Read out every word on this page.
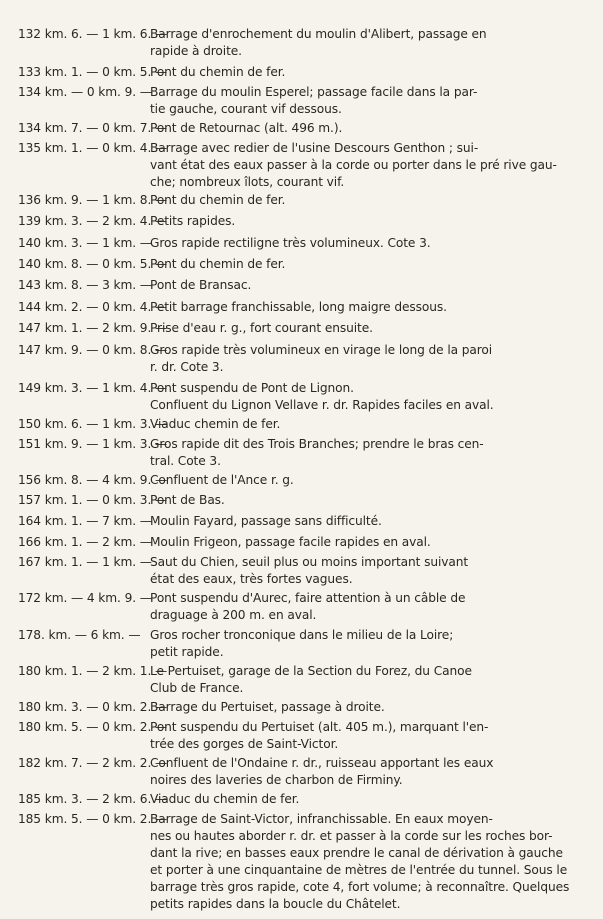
132 km. 6. — 1 km. 6. —
Barrage d'enrochement du moulin d'Alibert, passage en
rapide à droite.
133 km. 1. — 0 km. 5. —
Pont du chemin de fer.
134 km. — 0 km. 9. —
Barrage du moulin Esperel; passage facile dans la par-
tie gauche, courant vif dessous.
134 km. 7. — 0 km. 7. —
Pont de Retournac (alt. 496 m.).
135 km. 1. — 0 km. 4. —
Barrage avec redier de l'usine Descours Genthon ; sui-
vant état des eaux passer à la corde ou porter dans le pré rive gau-
che; nombreux îlots, courant vif.
136 km. 9. — 1 km. 8. —
Pont du chemin de fer.
139 km. 3. — 2 km. 4. —
Petits rapides.
140 km. 3. — 1 km. —
Gros rapide rectiligne très volumineux. Cote 3.
140 km. 8. — 0 km. 5. —
Pont du chemin de fer.
143 km. 8. — 3 km. —
Pont de Bransac.
144 km. 2. — 0 km. 4. —
Petit barrage franchissable, long maigre dessous.
147 km. 1. — 2 km. 9. —
Prise d'eau r. g., fort courant ensuite.
147 km. 9. — 0 km. 8. —
Gros rapide très volumineux en virage le long de la paroi
r. dr. Cote 3.
149 km. 3. — 1 km. 4. —
Pont suspendu de Pont de Lignon.
Confluent du Lignon Vellave r. dr. Rapides faciles en aval.
150 km. 6. — 1 km. 3. —
Viaduc chemin de fer.
151 km. 9. — 1 km. 3. —
Gros rapide dit des Trois Branches; prendre le bras cen-
tral. Cote 3.
156 km. 8. — 4 km. 9. —
Confluent de l'Ance r. g.
157 km. 1. — 0 km. 3. —
Pont de Bas.
164 km. 1. — 7 km. —
Moulin Fayard, passage sans difficulté.
166 km. 1. — 2 km. —
Moulin Frigeon, passage facile rapides en aval.
167 km. 1. — 1 km. —
Saut du Chien, seuil plus ou moins important suivant
état des eaux, très fortes vagues.
172 km. — 4 km. 9. —
Pont suspendu d'Aurec, faire attention à un câble de
draguage à 200 m. en aval.
178. km. — 6 km. — Gros rocher tronconique dans le milieu de la Loire;
petit rapide.
180 km. 1. — 2 km. 1. —
Le Pertuiset, garage de la Section du Forez, du Canoe
Club de France.
180 km. 3. — 0 km. 2. —
Barrage du Pertuiset, passage à droite.
180 km. 5. — 0 km. 2. —
Pont suspendu du Pertuiset (alt. 405 m.), marquant l'en-
trée des gorges de Saint-Victor.
182 km. 7. — 2 km. 2. —
Confluent de l'Ondaine r. dr., ruisseau apportant les eaux
noires des laveries de charbon de Firminy.
185 km. 3. — 2 km. 6. —
Viaduc du chemin de fer.
185 km. 5. — 0 km. 2. —
Barrage de Saint-Victor, infranchissable. En eaux moyen-
nes ou hautes aborder r. dr. et passer à la corde sur les roches bor-
dant la rive; en basses eaux prendre le canal de dérivation à gauche
et porter à une cinquantaine de mètres de l'entrée du tunnel. Sous le
barrage très gros rapide, cote 4, fort volume; à reconnaître. Quelques
petits rapides dans la boucle du Châtelet.
